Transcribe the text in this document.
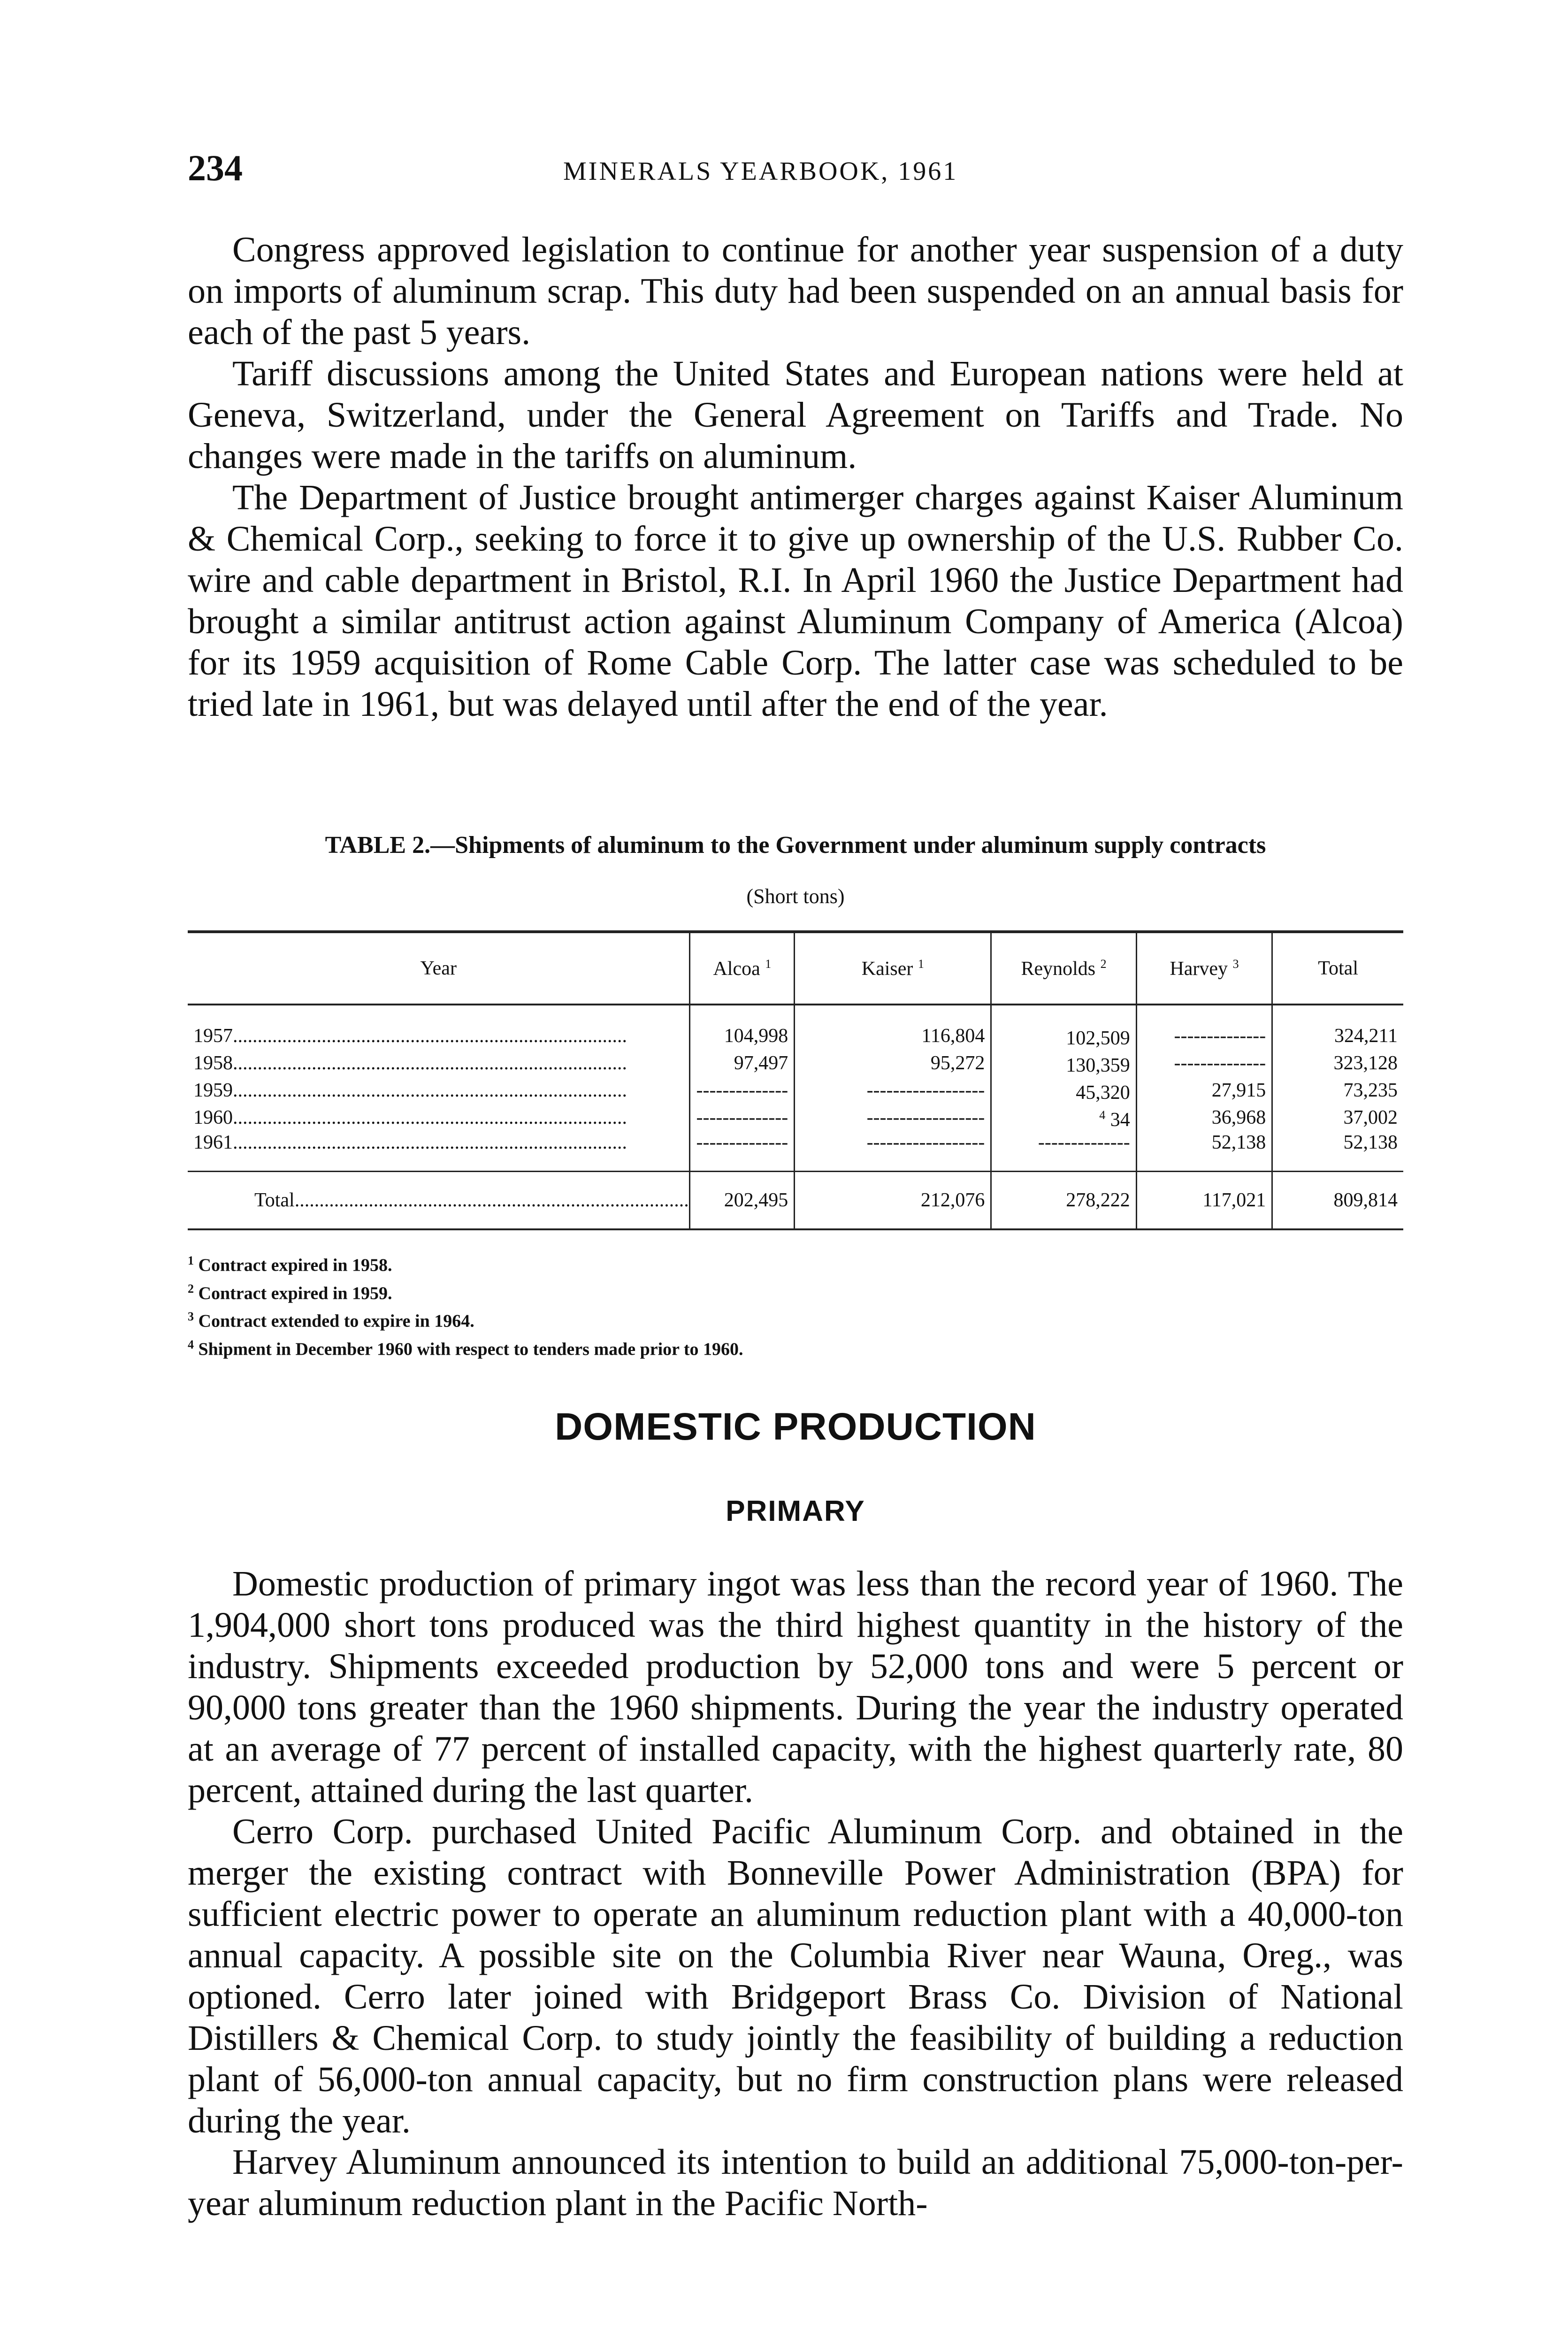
234	MINERALS YEARBOOK, 1961

Congress approved legislation to continue for another year suspension of a duty on imports of aluminum scrap. This duty had been suspended on an annual basis for each of the past 5 years.

Tariff discussions among the United States and European nations were held at Geneva, Switzerland, under the General Agreement on Tariffs and Trade. No changes were made in the tariffs on aluminum.

The Department of Justice brought antimerger charges against Kaiser Aluminum & Chemical Corp., seeking to force it to give up ownership of the U.S. Rubber Co. wire and cable department in Bristol, R.I. In April 1960 the Justice Department had brought a similar antitrust action against Aluminum Company of America (Alcoa) for its 1959 acquisition of Rome Cable Corp. The latter case was scheduled to be tried late in 1961, but was delayed until after the end of the year.

TABLE 2.—Shipments of aluminum to the Government under aluminum supply contracts
(Short tons)
Year	Alcoa $^1$	Kaiser $^1$	Reynolds $^2$	Harvey $^3$	Total
1957................................................................................	104,998	116,804	102,509	--------------	324,211
1958................................................................................	97,497	95,272	130,359	--------------	323,128
1959................................................................................	--------------	------------------	45,320	27,915	73,235
1960................................................................................	--------------	------------------	$^4$ 34	36,968	37,002
1961................................................................................	--------------	------------------	--------------	52,138	52,138
Total................................................................................	202,495	212,076	278,222	117,021	809,814
$^1$ Contract expired in 1958.
$^2$ Contract expired in 1959.
$^3$ Contract extended to expire in 1964.
$^4$ Shipment in December 1960 with respect to tenders made prior to 1960.
DOMESTIC PRODUCTION
PRIMARY

Domestic production of primary ingot was less than the record year of 1960. The 1,904,000 short tons produced was the third highest quantity in the history of the industry. Shipments exceeded production by 52,000 tons and were 5 percent or 90,000 tons greater than the 1960 shipments. During the year the industry operated at an average of 77 percent of installed capacity, with the highest quarterly rate, 80 percent, attained during the last quarter.

Cerro Corp. purchased United Pacific Aluminum Corp. and obtained in the merger the existing contract with Bonneville Power Administration (BPA) for sufficient electric power to operate an aluminum reduction plant with a 40,000-ton annual capacity. A possible site on the Columbia River near Wauna, Oreg., was optioned. Cerro later joined with Bridgeport Brass Co. Division of National Distillers & Chemical Corp. to study jointly the feasibility of building a reduction plant of 56,000-ton annual capacity, but no firm construction plans were released during the year.

Harvey Aluminum announced its intention to build an additional 75,000-ton-per-year aluminum reduction plant in the Pacific North-
